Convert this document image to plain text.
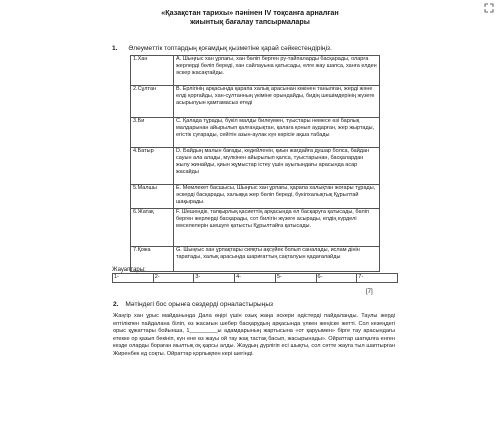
«Қазақстан тарихы» пәнінен IV тоқсанға арналған
жиынтық бағалау тапсырмалары
1. Әлеуметтік топтардың қоғамдық қызметіне қарай сәйкестендіріңіз.
1.Хан	A. Шыңғыс хан ұрпағы, хан бөліп берген ру-тайпаларды басқарады, оларға жерлерді бөліп береді, хан сайлауына қатысады, елге жау шапса, ханға елден әскер жасақтайды.
2.Сұлтан	B. Ерлігінің арқасында қарапа халық арасынан көкінен танылған, жерді және елді қорғайды, хан-сұлтанның үкіміне орындайды, бидің шешімдерінің жүзеге асырылуын қамтамасыз етеді
3.Би	C. Қалада тұрады, бүкіл малды билеумен, түыстары немесе өзі барлық малдарынан айырылып қалғандықтан, қалаға қонып аударған, жер жыртады, егістік суғарады, сейітін азын-аулак күн көрісіе ақша табады
4.Батыр	D. Байдың малын бағады, кедейленін, қиын жағдайға душар болса, байдан сауын ала алады, мүлкінен айырылып қалса, туыстарынан, басқалардан жылу жинайды, қиын жұмыстар істеу үшін ауылындағы арасында асар жасайды
5.Малшы	E. Мемлекет басшысы, Шыңғыс хан ұрпағы, қарапа халықтан жоғары тұрады, әскерді басқарады, халыққа жер бөліп береді, бүкілхалықтық Құрылтай шақырады.
6.Жатақ	F. Шешендік, тапқырлық қасиеттің арқасында ел басқаруға қатысады, бөліп берген жерлерді басқарады, сот билігін жүзеге асырады, елдің күрделі мәселелерін шешуге қатысты Құрылтайға қатысады.
7.Қожа	G. Шыңғыс хан ұрпақтары сияқты ақсүйек болып саналады, ислам дінін таратады, халық арасында шариғаттың сақталуын қадағалайды
Жауаптары:
1-	2-	3-	4-	5-	6-	7-
[7]
2. Мәтіндегі бос орынға сөздерді орналастырыңыз
Жаңгір хан ұрыс майданында Дала өңірі үшін озық жаңа әскери әдістерді пайдаланды. Таулы жерді ептілікпен пайдалана біліп, өз жасағын шебер басқарудың арқасында үлкен жеңіске жетті. Сол кезеңдегі орыс құжаттары бойынша, 1_________ы адамдарының жартысына «от қаруымен» бірге тау арасындағы етекке ор қазып бекініп, күн ене өз жауы ой тау жақ тастақ басып, жасырынады». Ойраттар шатқалға енген кезде оларды бораған мылтық оқ қарсы алды. Жаудың дүрлігіп есі шықты, сол сәтте жауға тыл шаптырған Жиренбек ед соқты. Ойраттар қорлықпен кері шегінді.
